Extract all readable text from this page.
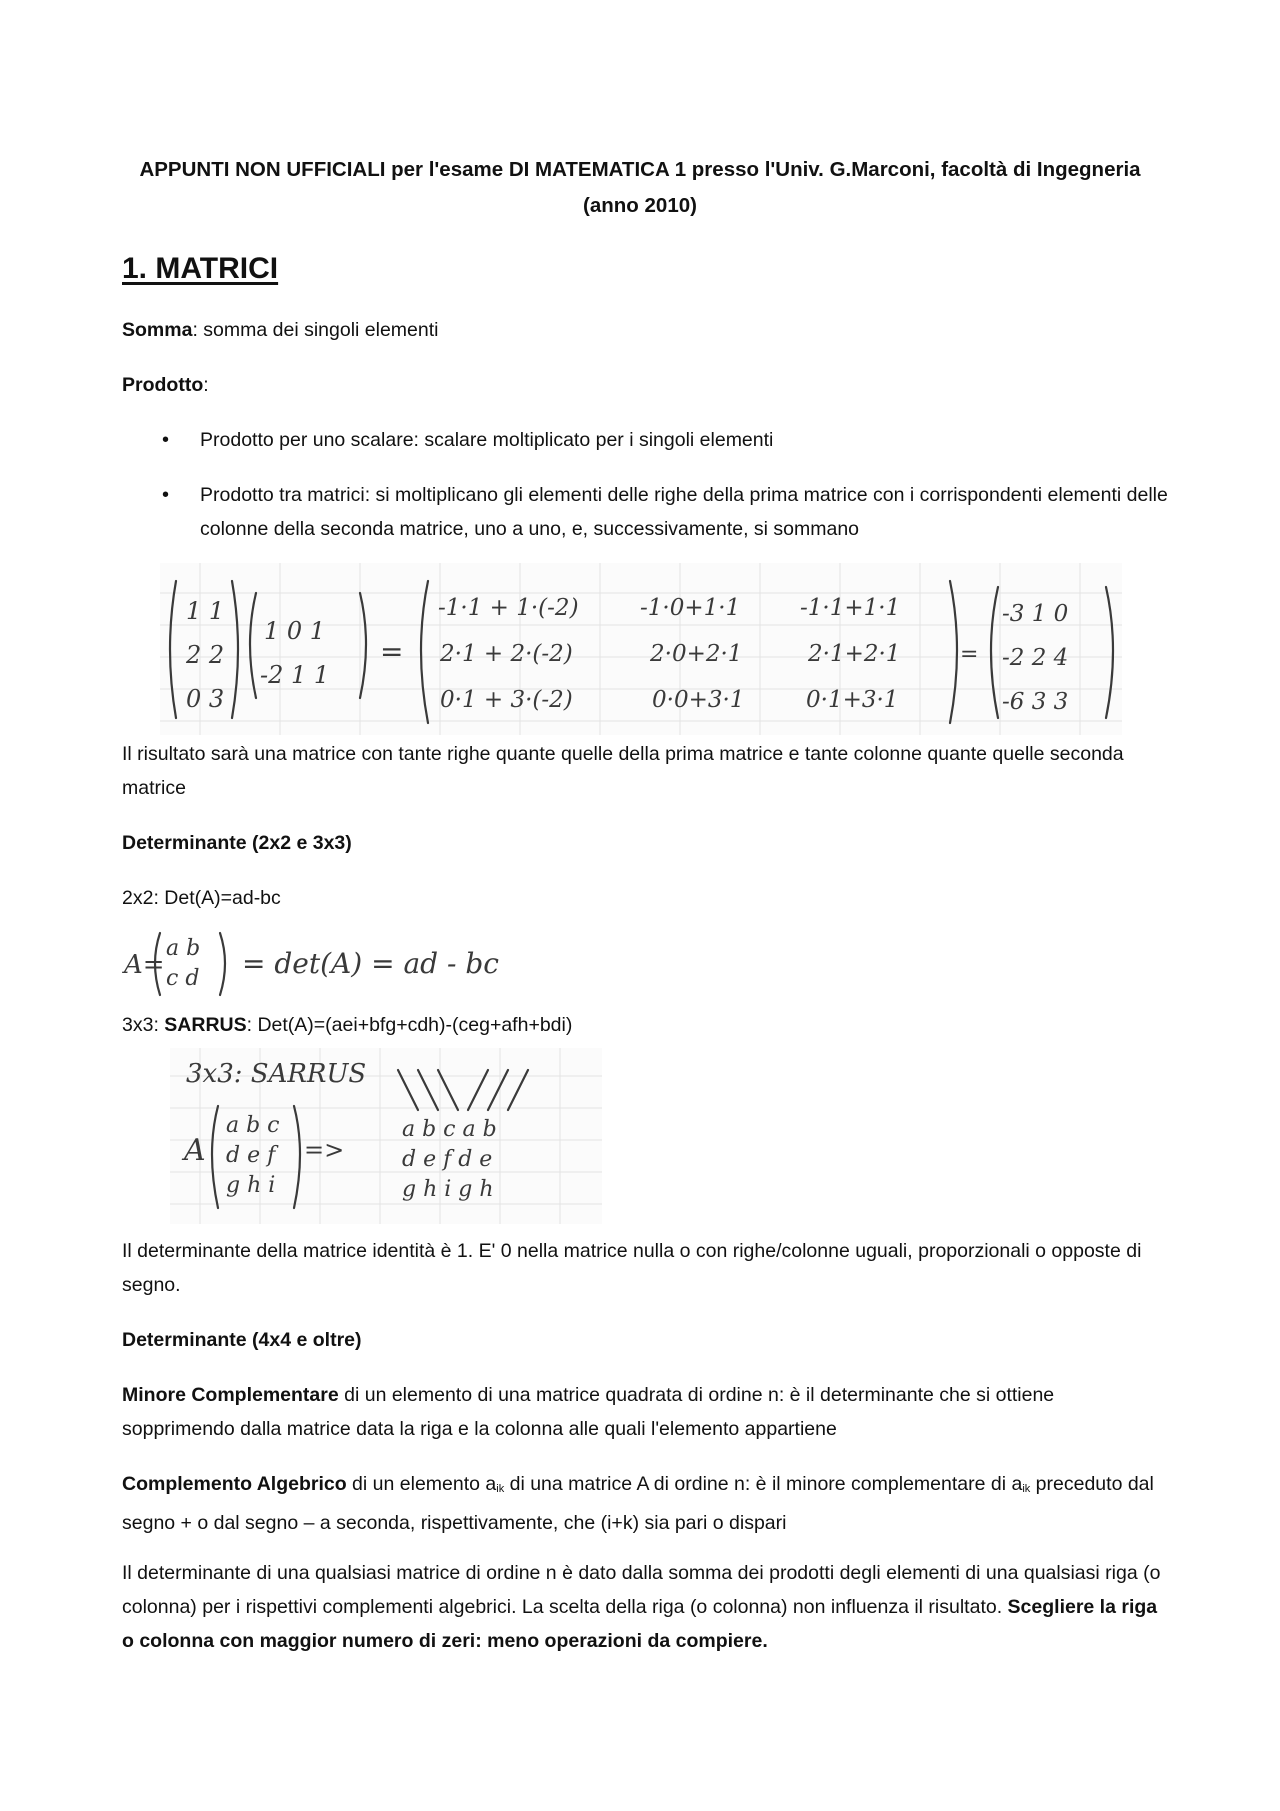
APPUNTI NON UFFICIALI per l'esame DI MATEMATICA 1 presso l'Univ. G.Marconi, facoltà di Ingegneria (anno 2010)
1. MATRICI
Somma: somma dei singoli elementi
Prodotto:
• Prodotto per uno scalare: scalare moltiplicato per i singoli elementi
• Prodotto tra matrici: si moltiplicano gli elementi delle righe della prima matrice con i corrispondenti elementi delle colonne della seconda matrice, uno a uno, e, successivamente, si sommano
1 1
2 2
0 3
1 0 1
-2 1 1
=
-1·1 + 1·(-2)	-1·0+1·1	-1·1+1·1
2·1 + 2·(-2)	2·0+2·1	2·1+2·1
0·1 + 3·(-2)	0·0+3·1	0·1+3·1
=
-3 1 0
-2 2 4
-6 3 3
Il risultato sarà una matrice con tante righe quante quelle della prima matrice e tante colonne quante quelle seconda matrice
Determinante (2x2 e 3x3)
2x2: Det(A)=ad-bc
A=
a b
c d = det(A) = ad - bc
3x3: SARRUS: Det(A)=(aei+bfg+cdh)-(ceg+afh+bdi)
3x3: SARRUS
A
a b c
d e f
g h i
=>
a b c a b
d e f d e
g h i g h
Il determinante della matrice identità è 1. E' 0 nella matrice nulla o con righe/colonne uguali, proporzionali o opposte di segno.
Determinante (4x4 e oltre)
Minore Complementare di un elemento di una matrice quadrata di ordine n: è il determinante che si ottiene sopprimendo dalla matrice data la riga e la colonna alle quali l'elemento appartiene
Complemento Algebrico di un elemento $a_{ik}$ di una matrice A di ordine n: è il minore complementare di $a_{ik}$ preceduto dal segno + o dal segno – a seconda, rispettivamente, che (i+k) sia pari o dispari
Il determinante di una qualsiasi matrice di ordine n è dato dalla somma dei prodotti degli elementi di una qualsiasi riga (o colonna) per i rispettivi complementi algebrici. La scelta della riga (o colonna) non influenza il risultato. Scegliere la riga o colonna con maggior numero di zeri: meno operazioni da compiere.
